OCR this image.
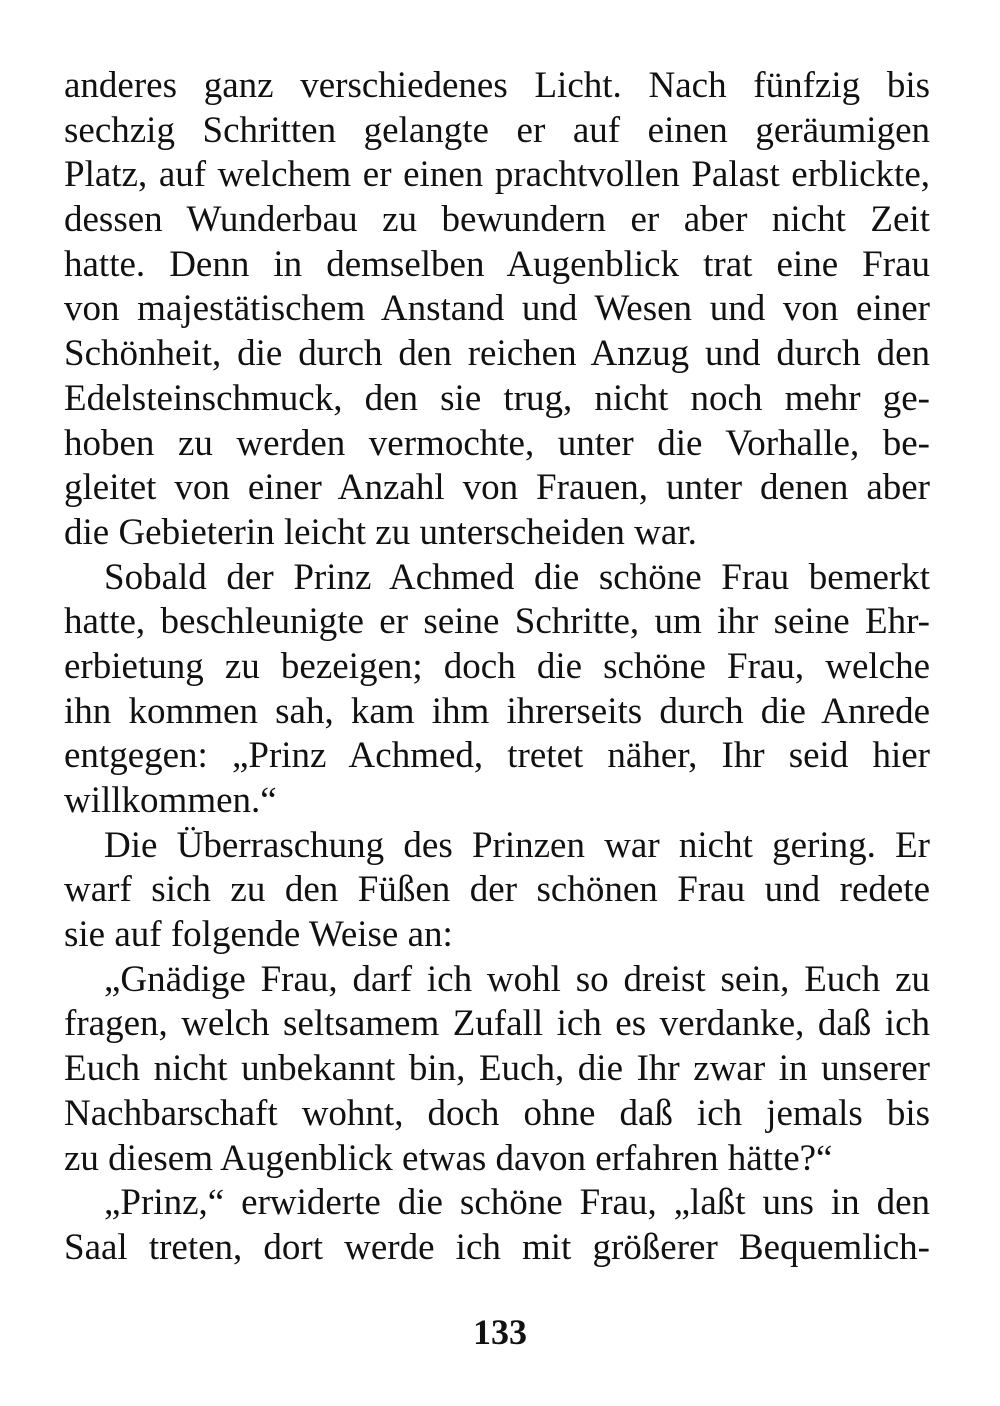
anderes ganz verschiedenes Licht. Nach fünfzig bis
sechzig Schritten gelangte er auf einen geräumigen
Platz, auf welchem er einen prachtvollen Palast erblickte,
dessen Wunderbau zu bewundern er aber nicht Zeit
hatte. Denn in demselben Augenblick trat eine Frau
von majestätischem Anstand und Wesen und von einer
Schönheit, die durch den reichen Anzug und durch den
Edelsteinschmuck, den sie trug, nicht noch mehr ge-
hoben zu werden vermochte, unter die Vorhalle, be-
gleitet von einer Anzahl von Frauen, unter denen aber
die Gebieterin leicht zu unterscheiden war.
Sobald der Prinz Achmed die schöne Frau bemerkt
hatte, beschleunigte er seine Schritte, um ihr seine Ehr-
erbietung zu bezeigen; doch die schöne Frau, welche
ihn kommen sah, kam ihm ihrerseits durch die Anrede
entgegen: „Prinz Achmed, tretet näher, Ihr seid hier
willkommen.“
Die Überraschung des Prinzen war nicht gering. Er
warf sich zu den Füßen der schönen Frau und redete
sie auf folgende Weise an:
„Gnädige Frau, darf ich wohl so dreist sein, Euch zu
fragen, welch seltsamem Zufall ich es verdanke, daß ich
Euch nicht unbekannt bin, Euch, die Ihr zwar in unserer
Nachbarschaft wohnt, doch ohne daß ich jemals bis
zu diesem Augenblick etwas davon erfahren hätte?“
„Prinz,“ erwiderte die schöne Frau, „laßt uns in den
Saal treten, dort werde ich mit größerer Bequemlich-
133
